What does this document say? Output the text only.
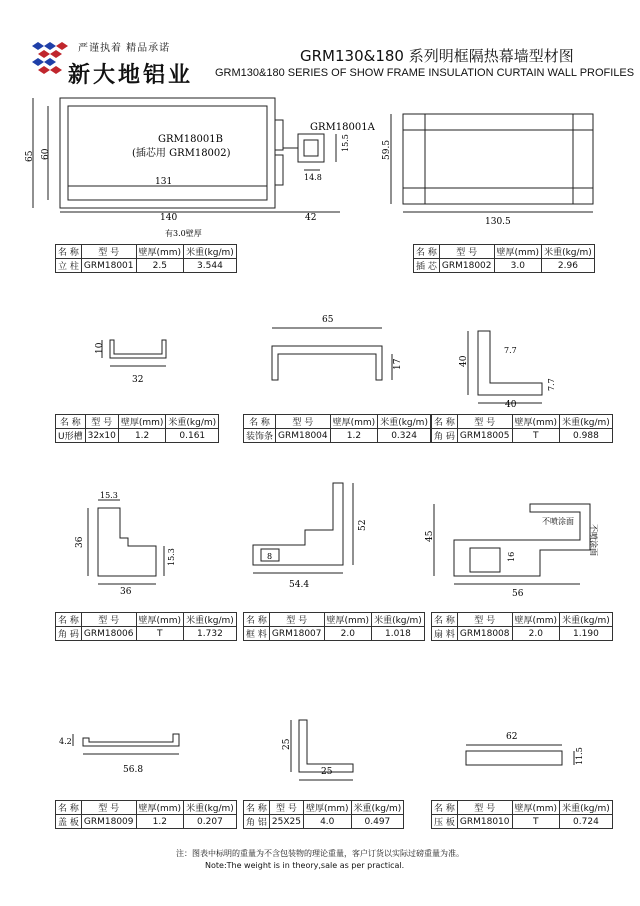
严谨执着 精品承诺
新大地铝业
GRM130&180 系列明框隔热幕墙型材图
GRM130&180 SERIES OF SHOW FRAME INSULATION CURTAIN WALL PROFILES
GRM18001B
(插芯用 GRM18002)
GRM18001A
131
140	42
65 60
14.8
15.5
有3.0壁厚
59.5
130.5
名 称	型 号	壁厚(mm)	米重(kg/m)
立 柱	GRM18001	2.5	3.544
名 称	型 号	壁厚(mm)	米重(kg/m)
插 芯	GRM18002	3.0	2.96
10
32
65
17	40
7.7
7.7
40
名 称	型 号	壁厚(mm)	米重(kg/m)
U形槽	32x10	1.2	0.161
名 称	型 号	壁厚(mm)	米重(kg/m)
装饰条	GRM18004	1.2	0.324
名 称	型 号	壁厚(mm)	米重(kg/m)
角 码	GRM18005	T	0.988
15.3
36
36
15.3	8
52
54.4
45
56
16
不喷涂面
不喷涂面
名 称	型 号	壁厚(mm)	米重(kg/m)
角 码	GRM18006	T	1.732
名 称	型 号	壁厚(mm)	米重(kg/m)
框 料	GRM18007	2.0	1.018
名 称	型 号	壁厚(mm)	米重(kg/m)
扇 料	GRM18008	2.0	1.190
4.2
56.8
25
25
62
11.5
名 称	型 号	壁厚(mm)	米重(kg/m)
盖 板	GRM18009	1.2	0.207
名 称	型 号	壁厚(mm)	米重(kg/m)
角 铝	25X25	4.0	0.497
名 称	型 号	壁厚(mm)	米重(kg/m)
压 板	GRM18010	T	0.724
注：图表中标明的重量为不含包装物的理论重量，客户订货以实际过磅重量为准。
Note:The weight is in theory,sale as per practical.
